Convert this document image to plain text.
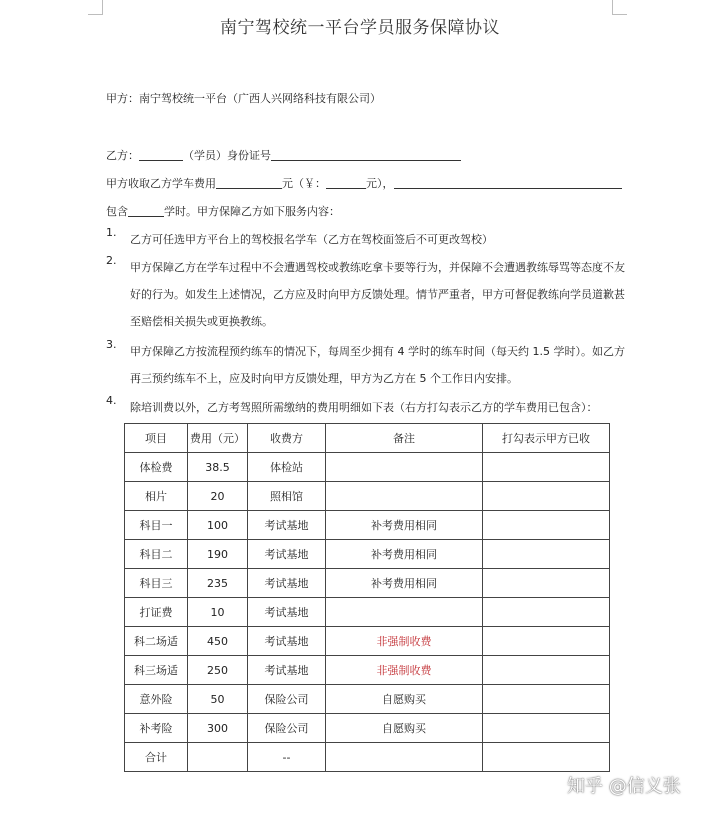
南宁驾校统一平台学员服务保障协议
甲方：南宁驾校统一平台（广西人兴网络科技有限公司）
乙方：	（学员）身份证号
甲方收取乙方学车费用	元（￥：	元），
包含	学时。甲方保障乙方如下服务内容：
1.
乙方可任选甲方平台上的驾校报名学车（乙方在驾校面签后不可更改驾校）
2.
甲方保障乙方在学车过程中不会遭遇驾校或教练吃拿卡要等行为，并保障不会遭遇教练辱骂等态度不友好的行为。如发生上述情况，乙方应及时向甲方反馈处理。情节严重者，甲方可督促教练向学员道歉甚至赔偿相关损失或更换教练。
3.
甲方保障乙方按流程预约练车的情况下，每周至少拥有 4 学时的练车时间（每天约 1.5 学时）。如乙方再三预约练车不上，应及时向甲方反馈处理，甲方为乙方在 5 个工作日内安排。
4.
除培训费以外，乙方考驾照所需缴纳的费用明细如下表（右方打勾表示乙方的学车费用已包含）：
项目	费用（元）	收费方	备注	打勾表示甲方已收
体检费	38.5	体检站		
相片	20	照相馆		
科目一	100	考试基地	补考费用相同	
科目二	190	考试基地	补考费用相同	
科目三	235	考试基地	补考费用相同	
打证费	10	考试基地		
科二场适	450	考试基地	非强制收费	
科三场适	250	考试基地	非强制收费	
意外险	50	保险公司	自愿购买	
补考险	300	保险公司	自愿购买	
合计		--		
知乎 @信义张
